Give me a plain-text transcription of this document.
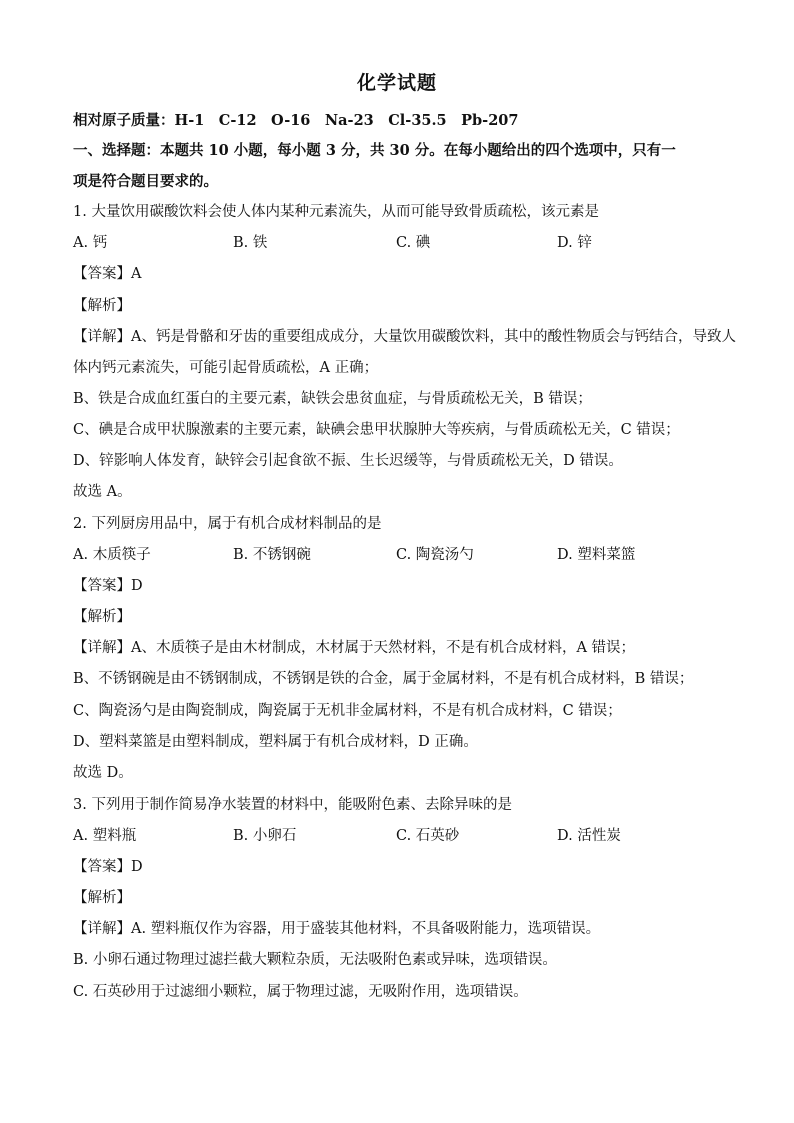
化学试题
相对原子质量：H-1　C-12　O-16　Na-23　Cl-35.5　Pb-207
一、选择题：本题共 10 小题，每小题 3 分，共 30 分。在每小题给出的四个选项中，只有一
项是符合题目要求的。
1. 大量饮用碳酸饮料会使人体内某种元素流失，从而可能导致骨质疏松，该元素是
A. 钙	B. 铁	C. 碘	D. 锌
【答案】A
【解析】
【详解】A、钙是骨骼和牙齿的重要组成成分，大量饮用碳酸饮料，其中的酸性物质会与钙结合，导致人
体内钙元素流失，可能引起骨质疏松，A 正确；
B、铁是合成血红蛋白的主要元素，缺铁会患贫血症，与骨质疏松无关，B 错误；
C、碘是合成甲状腺激素的主要元素，缺碘会患甲状腺肿大等疾病，与骨质疏松无关，C 错误；
D、锌影响人体发育，缺锌会引起食欲不振、生长迟缓等，与骨质疏松无关，D 错误。
故选 A。
2. 下列厨房用品中，属于有机合成材料制品的是
A. 木质筷子	B. 不锈钢碗	C. 陶瓷汤勺	D. 塑料菜篮
【答案】D
【解析】
【详解】A、木质筷子是由木材制成，木材属于天然材料，不是有机合成材料，A 错误；
B、不锈钢碗是由不锈钢制成，不锈钢是铁的合金，属于金属材料，不是有机合成材料，B 错误；
C、陶瓷汤勺是由陶瓷制成，陶瓷属于无机非金属材料，不是有机合成材料，C 错误；
D、塑料菜篮是由塑料制成，塑料属于有机合成材料，D 正确。
故选 D。
3. 下列用于制作简易净水装置的材料中，能吸附色素、去除异味的是
A. 塑料瓶	B. 小卵石	C. 石英砂	D. 活性炭
【答案】D
【解析】
【详解】A. 塑料瓶仅作为容器，用于盛装其他材料，不具备吸附能力，选项错误。
B. 小卵石通过物理过滤拦截大颗粒杂质，无法吸附色素或异味，选项错误。
C. 石英砂用于过滤细小颗粒，属于物理过滤，无吸附作用，选项错误。
